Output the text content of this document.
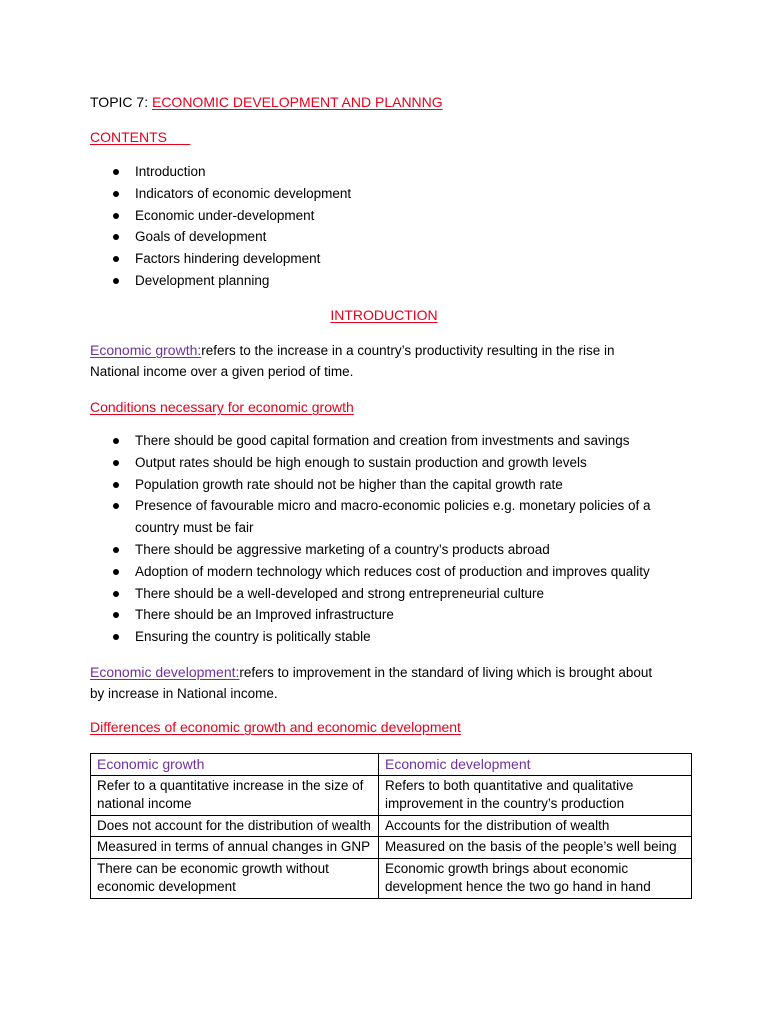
TOPIC 7: ECONOMIC DEVELOPMENT AND PLANNNG
CONTENTS
Introduction
Indicators of economic development
Economic under-development
Goals of development
Factors hindering development
Development planning
INTRODUCTION
Economic growth:refers to the increase in a country’s productivity resulting in the rise in
National income over a given period of time.
Conditions necessary for economic growth
There should be good capital formation and creation from investments and savings
Output rates should be high enough to sustain production and growth levels
Population growth rate should not be higher than the capital growth rate
Presence of favourable micro and macro-economic policies e.g. monetary policies of a
country must be fair
There should be aggressive marketing of a country’s products abroad
Adoption of modern technology which reduces cost of production and improves quality
There should be a well-developed and strong entrepreneurial culture
There should be an Improved infrastructure
Ensuring the country is politically stable
Economic development:refers to improvement in the standard of living which is brought about
by increase in National income.
Differences of economic growth and economic development
Economic growth	Economic development
Refer to a quantitative increase in the size of national income	Refers to both quantitative and qualitative improvement in the country’s production
Does not account for the distribution of wealth	Accounts for the distribution of wealth
Measured in terms of annual changes in GNP	Measured on the basis of the people’s well being
There can be economic growth without economic development	Economic growth brings about economic development hence the two go hand in hand
